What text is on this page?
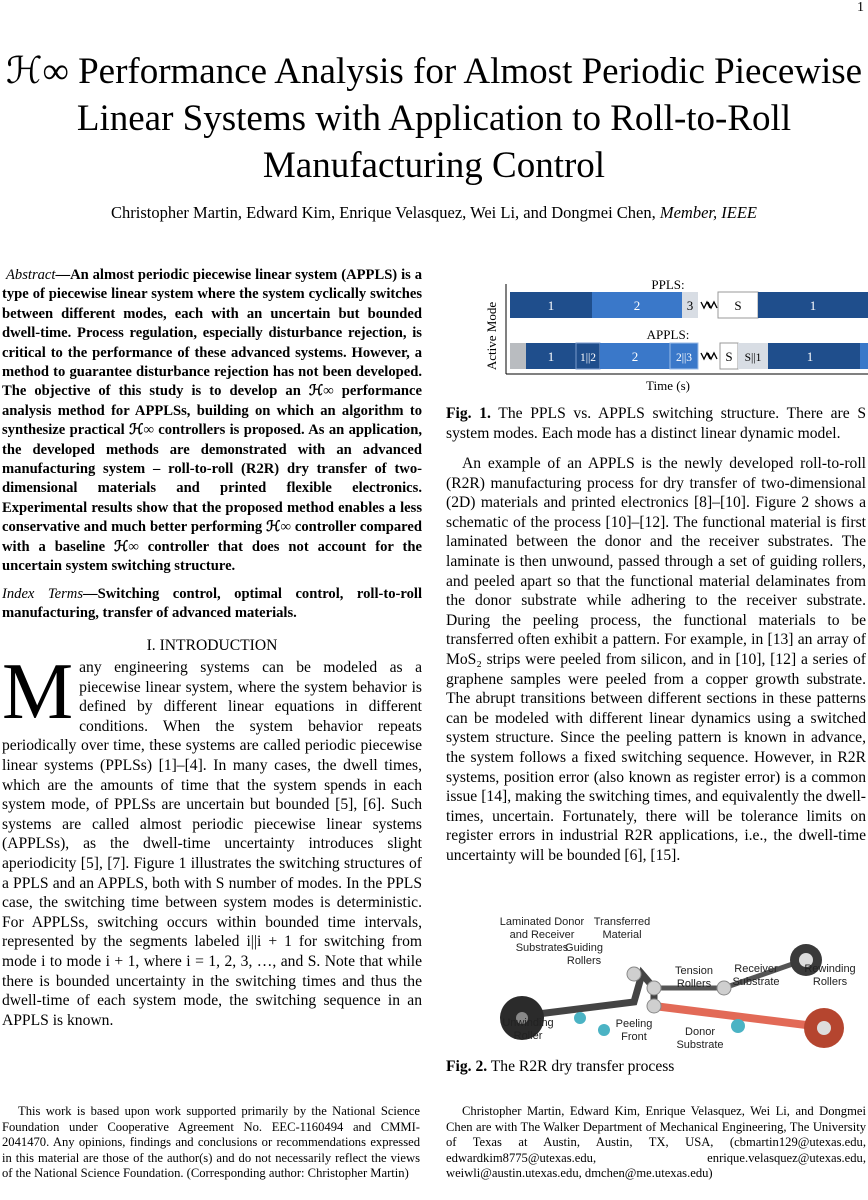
1
ℋ∞ Performance Analysis for Almost Periodic Piecewise Linear Systems with Application to Roll-to-Roll Manufacturing Control
Christopher Martin, Edward Kim, Enrique Velasquez, Wei Li, and Dongmei Chen, Member, IEEE
Abstract—An almost periodic piecewise linear system (APPLS) is a type of piecewise linear system where the system cyclically switches between different modes, each with an uncertain but bounded dwell-time. Process regulation, especially disturbance rejection, is critical to the performance of these advanced systems. However, a method to guarantee disturbance rejection has not been developed. The objective of this study is to develop an ℋ∞ performance analysis method for APPLSs, building on which an algorithm to synthesize practical ℋ∞ controllers is proposed. As an application, the developed methods are demonstrated with an advanced manufacturing system – roll-to-roll (R2R) dry transfer of two-dimensional materials and printed flexible electronics. Experimental results show that the proposed method enables a less conservative and much better performing ℋ∞ controller compared with a baseline ℋ∞ controller that does not account for the uncertain system switching structure.
Index Terms—Switching control, optimal control, roll-to-roll manufacturing, transfer of advanced materials.
I. INTRODUCTION
Many engineering systems can be modeled as a piecewise linear system, where the system behavior is defined by different linear equations in different conditions. When the system behavior repeats periodically over time, these systems are called periodic piecewise linear systems (PPLSs) [1]–[4]. In many cases, the dwell times, which are the amounts of time that the system spends in each system mode, of PPLSs are uncertain but bounded [5], [6]. Such systems are called almost periodic piecewise linear systems (APPLSs), as the dwell-time uncertainty introduces slight aperiodicity [5], [7]. Figure 1 illustrates the switching structures of a PPLS and an APPLS, both with S number of modes. In the PPLS case, the switching time between system modes is deterministic. For APPLSs, switching occurs within bounded time intervals, represented by the segments labeled i||i + 1 for switching from mode i to mode i + 1, where i = 1, 2, 3, …, and S. Note that while there is bounded uncertainty in the switching times and thus the dwell-time of each system mode, the switching sequence in an APPLS is known.
Active Mode
PPLS:
1	2	3	S	1
APPLS:
1 1||2	2	2||3	S S||1	1
Time (s)
Fig. 1. The PPLS vs. APPLS switching structure. There are S system modes. Each mode has a distinct linear dynamic model.
An example of an APPLS is the newly developed roll-to-roll (R2R) manufacturing process for dry transfer of two-dimensional (2D) materials and printed electronics [8]–[10]. Figure 2 shows a schematic of the process [10]–[12]. The functional material is first laminated between the donor and the receiver substrates. The laminate is then unwound, passed through a set of guiding rollers, and peeled apart so that the functional material delaminates from the donor substrate while adhering to the receiver substrate. During the peeling process, the functional materials to be transferred often exhibit a pattern. For example, in [13] an array of MoS₂ strips were peeled from silicon, and in [10], [12] a series of graphene samples were peeled from a copper growth substrate. The abrupt transitions between different sections in these patterns can be modeled with different linear dynamics using a switched system structure. Since the peeling pattern is known in advance, the system follows a fixed switching sequence. However, in R2R systems, position error (also known as register error) is a common issue [14], making the switching times, and equivalently the dwell-times, uncertain. Fortunately, there will be tolerance limits on register errors in industrial R2R applications, i.e., the dwell-time uncertainty will be bounded [6], [15].
Laminated Donor
and Receiver
Substrates
Transferred
Material
Guiding
Rollers
Tension
Rollers
Receiver
Substrate
Rewinding
Rollers
Unwinding
Roller
Peeling
Front	Donor
Substrate
Fig. 2. The R2R dry transfer process
This work is based upon work supported primarily by the National Science Foundation under Cooperative Agreement No. EEC-1160494 and CMMI-2041470. Any opinions, findings and conclusions or recommendations expressed in this material are those of the author(s) and do not necessarily reflect the views of the National Science Foundation. (Corresponding author: Christopher Martin)
Christopher Martin, Edward Kim, Enrique Velasquez, Wei Li, and Dongmei Chen are with The Walker Department of Mechanical Engineering, The University of Texas at Austin, Austin, TX, USA, (cbmartin129@utexas.edu, edwardkim8775@utexas.edu, enrique.velasquez@utexas.edu, weiwli@austin.utexas.edu, dmchen@me.utexas.edu)
